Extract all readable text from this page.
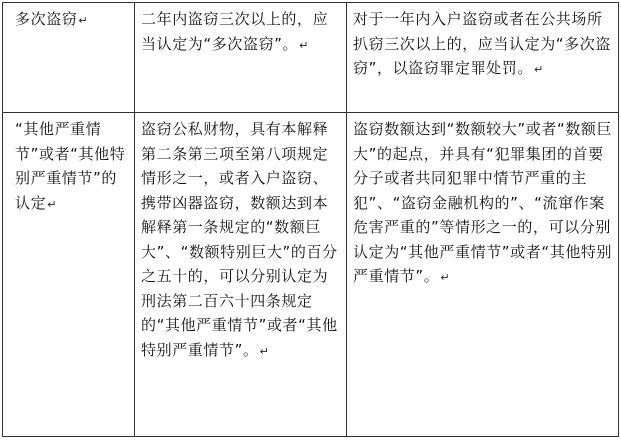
多次盗窃↵	二年内盗窃三次以上的，应当认定为“多次盗窃”。↵	对于一年内入户盗窃或者在公共场所扒窃三次以上的，应当认定为“多次盗窃”，以盗窃罪定罪处罚。↵
“其他严重情节”或者“其他特别严重情节”的认定↵	盗窃公私财物，具有本解释第二条第三项至第八项规定情形之一，或者入户盗窃、携带凶器盗窃，数额达到本解释第一条规定的“数额巨大”、“数额特别巨大”的百分之五十的，可以分别认定为刑法第二百六十四条规定的“其他严重情节”或者“其他特别严重情节”。↵	盗窃数额达到“数额较大”或者“数额巨大”的起点，并具有“犯罪集团的首要分子或者共同犯罪中情节严重的主犯”、“盗窃金融机构的”、“流窜作案危害严重的”等情形之一的，可以分别认定为“其他严重情节”或者“其他特别严重情节”。↵
